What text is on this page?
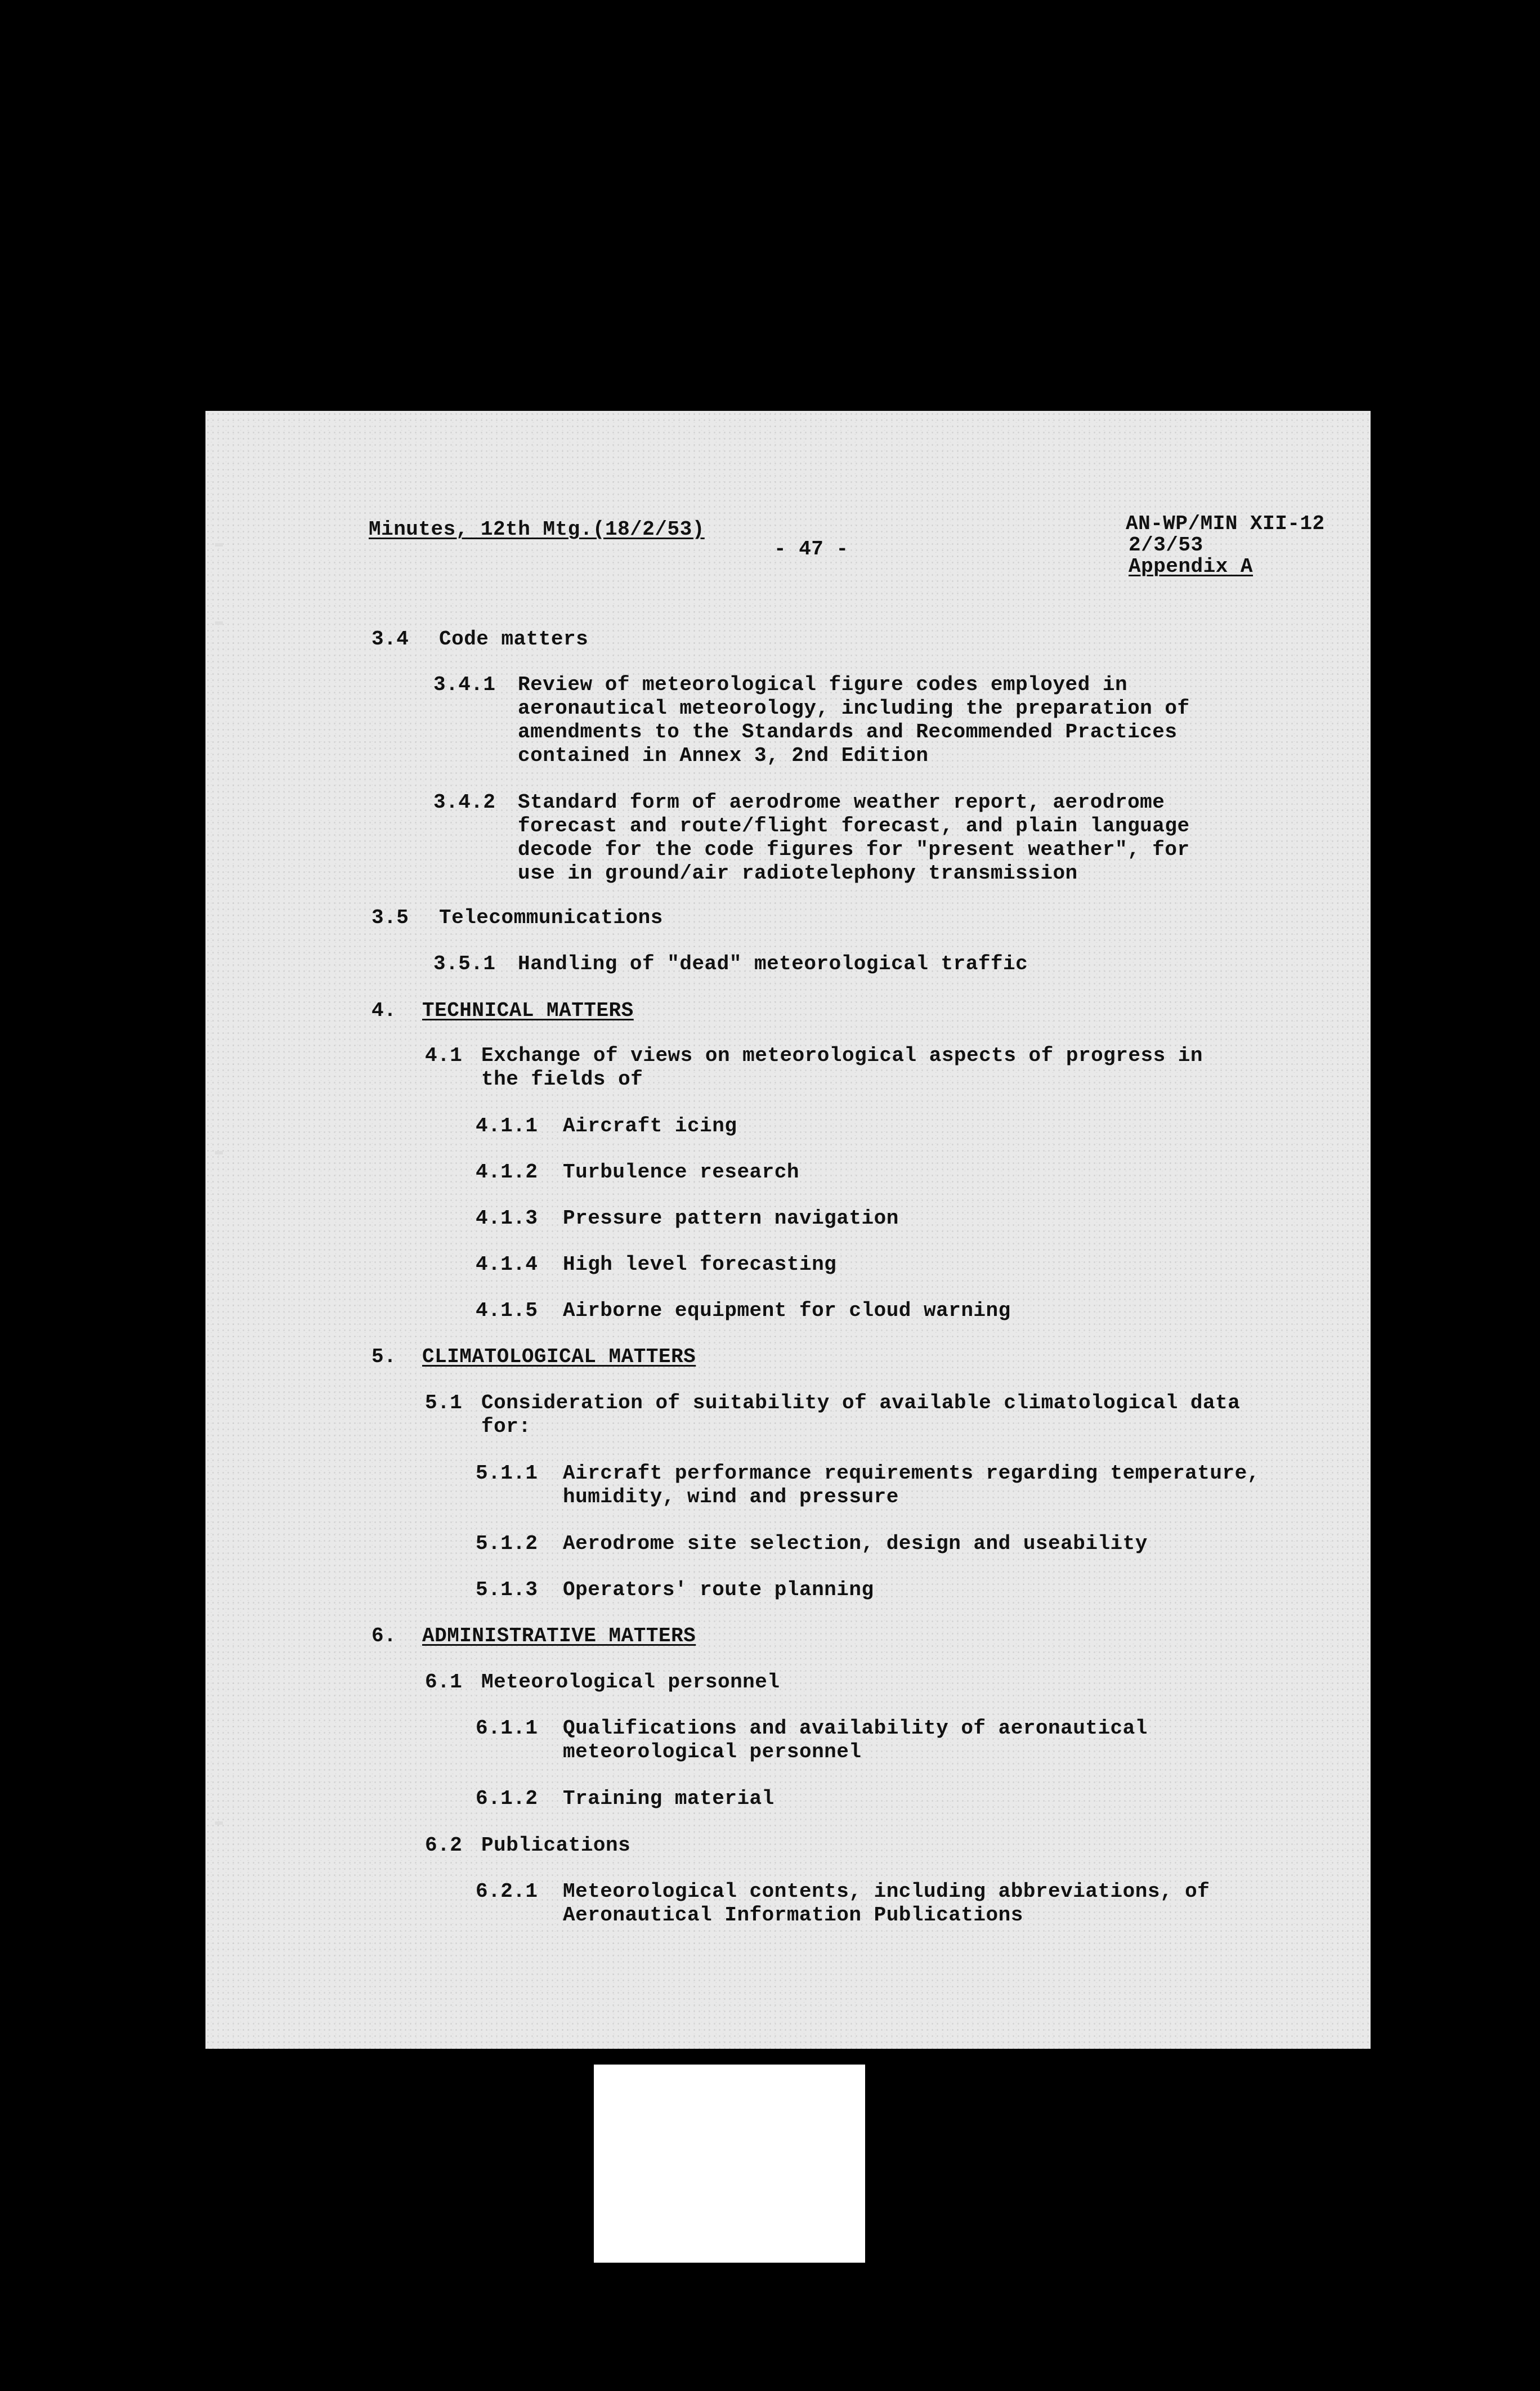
Minutes, 12th Mtg.(18/2/53)
- 47 -
AN-WP/MIN XII-12
2/3/53
Appendix A
3.4 Code matters
3.4.1 Review of meteorological figure codes employed in
aeronautical meteorology, including the preparation of
amendments to the Standards and Recommended Practices
contained in Annex 3, 2nd Edition
3.4.2 Standard form of aerodrome weather report, aerodrome
forecast and route/flight forecast, and plain language
decode for the code figures for "present weather", for
use in ground/air radiotelephony transmission
3.5 Telecommunications
3.5.1 Handling of "dead" meteorological traffic
4. TECHNICAL MATTERS
4.1 Exchange of views on meteorological aspects of progress in
the fields of
4.1.1 Aircraft icing
4.1.2 Turbulence research
4.1.3 Pressure pattern navigation
4.1.4 High level forecasting
4.1.5 Airborne equipment for cloud warning
5. CLIMATOLOGICAL MATTERS
5.1 Consideration of suitability of available climatological data
for:
5.1.1 Aircraft performance requirements regarding temperature,
humidity, wind and pressure
5.1.2 Aerodrome site selection, design and useability
5.1.3 Operators' route planning
6. ADMINISTRATIVE MATTERS
6.1 Meteorological personnel
6.1.1 Qualifications and availability of aeronautical
meteorological personnel
6.1.2 Training material
6.2 Publications
6.2.1 Meteorological contents, including abbreviations, of
Aeronautical Information Publications
